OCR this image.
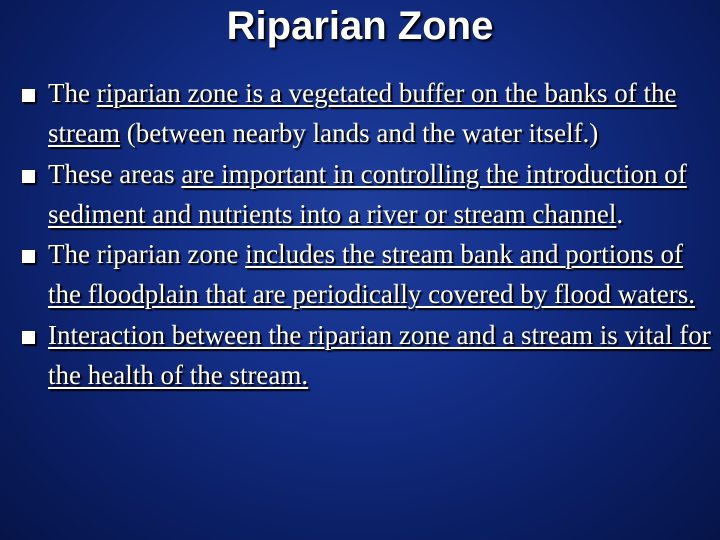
Riparian Zone
The riparian zone is a vegetated buffer on the banks of the stream (between nearby lands and the water itself.)
These areas are important in controlling the introduction of sediment and nutrients into a river or stream channel.
The riparian zone includes the stream bank and portions of the floodplain that are periodically covered by flood waters.
Interaction between the riparian zone and a stream is vital for the health of the stream.
